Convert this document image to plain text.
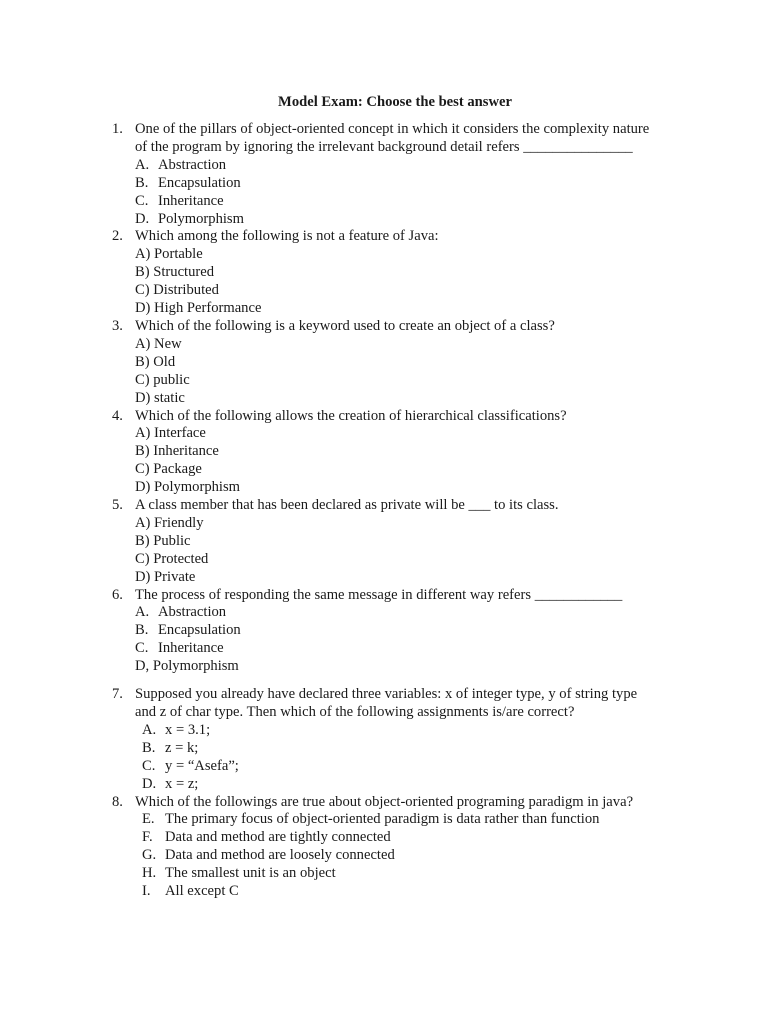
Model Exam: Choose the best answer
1. One of the pillars of object-oriented concept in which it considers the complexity nature
of the program by ignoring the irrelevant background detail refers _______________
A. Abstraction
B. Encapsulation
C. Inheritance
D. Polymorphism
2. Which among the following is not a feature of Java:
A) Portable
B) Structured
C) Distributed
D) High Performance
3. Which of the following is a keyword used to create an object of a class?
A) New
B) Old
C) public
D) static
4. Which of the following allows the creation of hierarchical classifications?
A) Interface
B) Inheritance
C) Package
D) Polymorphism
5. A class member that has been declared as private will be ___ to its class.
A) Friendly
B) Public
C) Protected
D) Private
6. The process of responding the same message in different way refers ____________
A. Abstraction
B. Encapsulation
C. Inheritance
D, Polymorphism
7. Supposed you already have declared three variables: x of integer type, y of string type
and z of char type. Then which of the following assignments is/are correct?
A. x = 3.1;
B. z = k;
C. y = “Asefa”;
D. x = z;
8. Which of the followings are true about object-oriented programing paradigm in java?
E. The primary focus of object-oriented paradigm is data rather than function
F. Data and method are tightly connected
G. Data and method are loosely connected
H. The smallest unit is an object
I. All except C
